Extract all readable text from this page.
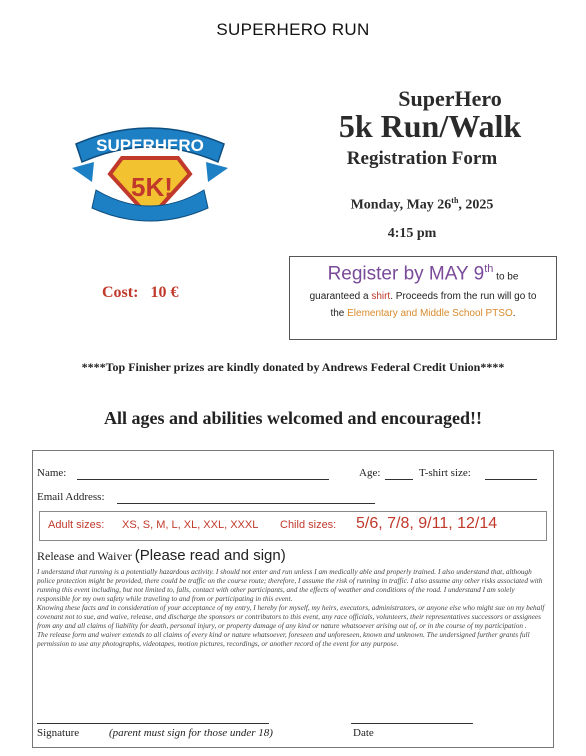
SUPERHERO RUN
SUPERHERO
5K!
SuperHero
5k Run/Walk
Registration Form
Monday, May 26th, 2025
4:15 pm
Register by MAY 9th to be
guaranteed a shirt. Proceeds from the run will go to
the Elementary and Middle School PTSO.
Cost: 10 €
****Top Finisher prizes are kindly donated by Andrews Federal Credit Union****
All ages and abilities welcomed and encouraged!!
Name:	Age:	T-shirt size:
Email Address:
Adult sizes: XS, S, M, L, XL, XXL, XXXL Child sizes: 5/6, 7/8, 9/11, 12/14
Release and Waiver (Please read and sign)

I understand that running is a potentially hazardous activity. I should not enter and run unless I am medically able and properly trained. I also understand that, although police protection might be provided, there could be traffic on the course route; therefore, I assume the risk of running in traffic. I also assume any other risks associated with running this event including, but not limited to, falls, contact with other participants, and the effects of weather and conditions of the road. I understand I am solely responsible for my own safety while traveling to and from or participating in this event.

Knowing these facts and in consideration of your acceptance of my entry, I hereby for myself, my heirs, executors, administrators, or anyone else who might sue on my behalf covenant not to sue, and waive, release, and discharge the sponsors or contributors to this event, any race officials, volunteers, their representatives successors or assignees from any and all claims of liability for death, personal injury, or property damage of any kind or nature whatsoever arising out of, or in the course of my participation .

The release form and waiver extends to all claims of every kind or nature whatsoever, foreseen and unforeseen, known and unknown. The undersigned further grants full permission to use any photographs, videotapes, motion pictures, recordings, or another record of the event for any purpose.

Signature	(parent must sign for those under 18)	Date
